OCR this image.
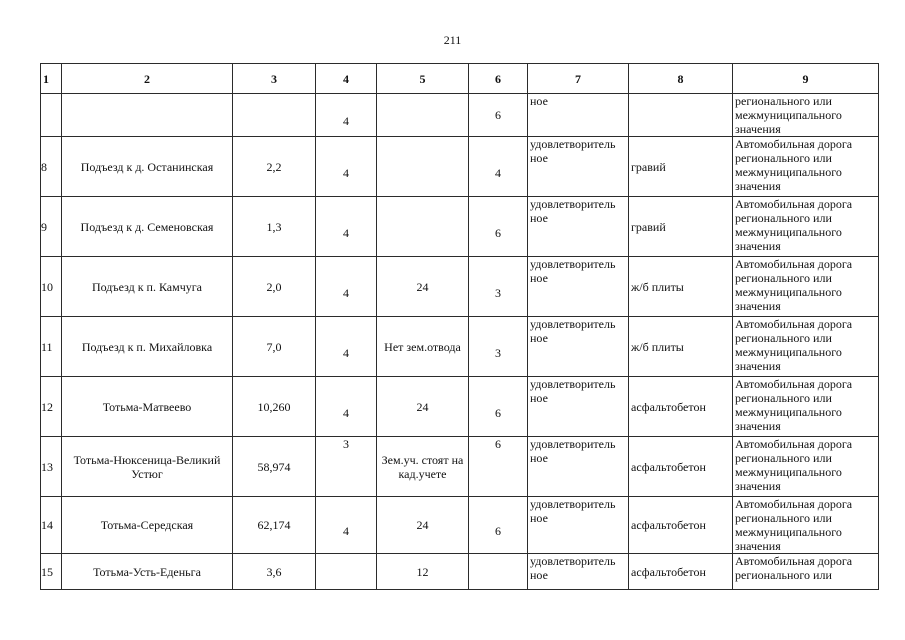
211
1	2	3	4	5	6	7	8	9
			4		6	ное		регионального или межмуниципального значения
8	Подъезд к д. Останинская	2,2	4		4	удовлетворитель ное	гравий	Автомобильная дорога регионального или межмуниципального значения
9	Подъезд к д. Семеновская	1,3	4		6	удовлетворитель ное	гравий	Автомобильная дорога регионального или межмуниципального значения
10	Подъезд к п. Камчуга	2,0	4	24	3	удовлетворитель ное	ж/б плиты	Автомобильная дорога регионального или межмуниципального значения
11	Подъезд к п. Михайловка	7,0	4	Нет зем.отвода	3	удовлетворитель ное	ж/б плиты	Автомобильная дорога регионального или межмуниципального значения
12	Тотьма-Матвеево	10,260	4	24	6	удовлетворитель ное	асфальтобетон	Автомобильная дорога регионального или межмуниципального значения
13	Тотьма-Нюксеница-Великий Устюг	58,974	3	Зем.уч. стоят на кад.учете	6	удовлетворитель ное	асфальтобетон	Автомобильная дорога регионального или межмуниципального значения
14	Тотьма-Середская	62,174	4	24	6	удовлетворитель ное	асфальтобетон	Автомобильная дорога регионального или межмуниципального значения
15	Тотьма-Усть-Еденьга	3,6		12		удовлетворитель ное	асфальтобетон	Автомобильная дорога регионального или
